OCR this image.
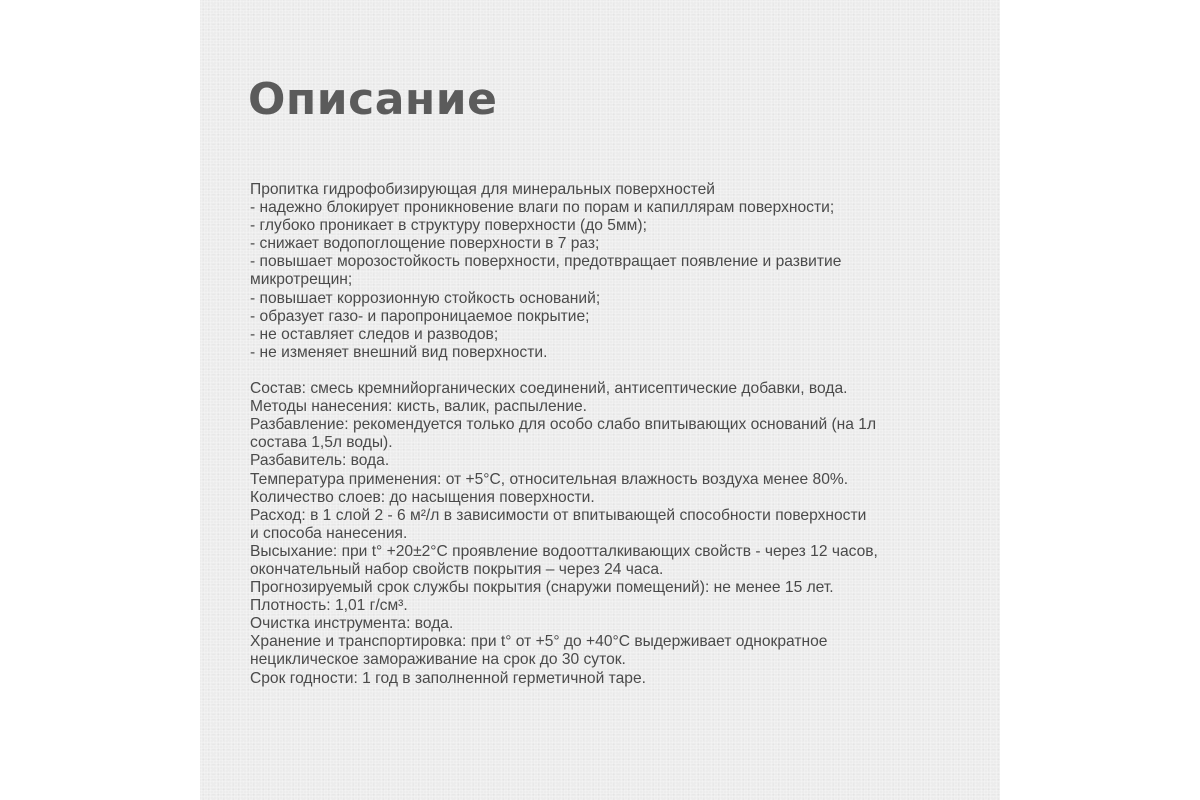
Описание
Пропитка гидрофобизирующая для минеральных поверхностей
- надежно блокирует проникновение влаги по порам и капиллярам поверхности;
- глубоко проникает в структуру поверхности (до 5мм);
- снижает водопоглощение поверхности в 7 раз;
- повышает морозостойкость поверхности, предотвращает появление и развитие
микротрещин;
- повышает коррозионную стойкость оснований;
- образует газо- и паропроницаемое покрытие;
- не оставляет следов и разводов;
- не изменяет внешний вид поверхности.
Состав: смесь кремнийорганических соединений, антисептические добавки, вода.
Методы нанесения: кисть, валик, распыление.
Разбавление: рекомендуется только для особо слабо впитывающих оснований (на 1л
состава 1,5л воды).
Разбавитель: вода.
Температура применения: от +5°С, относительная влажность воздуха менее 80%.
Количество слоев: до насыщения поверхности.
Расход: в 1 слой 2 - 6 м²/л в зависимости от впитывающей способности поверхности
и способа нанесения.
Высыхание: при t° +20±2°С проявление водоотталкивающих свойств - через 12 часов,
окончательный набор свойств покрытия – через 24 часа.
Прогнозируемый срок службы покрытия (снаружи помещений): не менее 15 лет.
Плотность: 1,01 г/см³.
Очистка инструмента: вода.
Хранение и транспортировка: при t° от +5° до +40°С выдерживает однократное
нециклическое замораживание на срок до 30 суток.
Срок годности: 1 год в заполненной герметичной таре.
